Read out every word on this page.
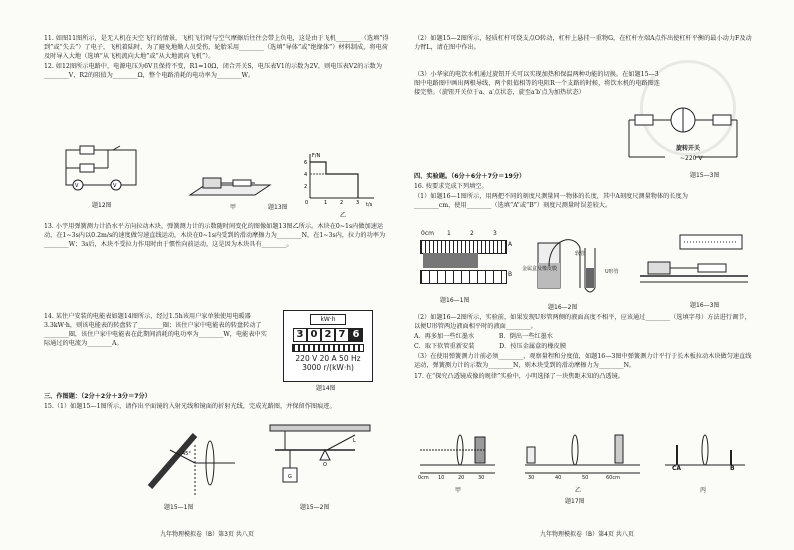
11. 如图11图所示，是无人机在天空飞行的情景，飞机飞行时与空气摩擦后往往会带上负电，这是由于飞机________（选填“得到”或“失去”）了电子，飞机着陆时，为了避免地勤人员受伤，轮胎采用________（选填“导体”或“绝缘体”）材料制成，将电荷及时导入大地（选填“从飞机流向大地”或“从大地流向飞机”）。

12. 如12图所示电路中，电源电压为6V且保持不变，R1=10Ω，闭合开关S，电压表V1的示数为2V，则电压表V2的示数为________V，R2的阻值为________Ω，整个电路消耗的电功率为________W。

V	V
题12图	甲	题13图
F/N
t/s
6
4
2
0	1	2	3
乙

13. 小宇用弹簧测力计沿水平方向拉动木块，弹簧测力计的示数随时间变化的图像如题13图乙所示。木块在0~1s内做加速运动，在1~3s内以0.2m/s的速度做匀速直线运动，木块在0~1s内受到的滑动摩擦力为________N，在1~3s内，拉力的功率为________W；3s后，木块不受拉力作用时由于惯性向前运动，这是因为木块具有________。

14. 某住户安装的电能表如题14图所示，经过1.5h该用户家单独使用电暖器3.3kW·h，则该电能表的转盘转了________圈；该住户家中电能表的转盘转动了________圈，该住户家中电能表在此期间消耗的电功率为________W，电能表中实际通过的电流为________A。

kW·h
3 0 2 7 6
220 V 20 A 50 Hz
3000 r/(kW·h)
题14图

三、作图题：（2分＋2分＋3分＝7分）

15.（1）如题15—1图所示，请作出平面镜的入射光线和镜面的折射光线，完成光路图，并保留作图痕迹。

45°
题15—1图
G
L
O
题15—2图
九年物理模拟卷（B）第3页 共八页

（2）如题15—2图所示，轻质杠杆可绕支点O转动，杠杆上悬挂一重物G，在杠杆左端A点作出使杠杆平衡的最小动力F及动力臂L，请在图中作出。

（3）小华家的电饮水机通过旋钮开关可以实现加热和保温两种功能的切换。在如题15—3图中电路图中画出两根导线，两个阻值相等的电阻R一个支路的时候，将饮水机的电路图连接完整。（旋钮开关位于a、a′点状态，旋至a′b′点为加热状态）

旋转开关
~220 V
题15—3图

四、实验题。（6分＋6分＋7分＝19分）

16. 按要求完成下列填空。

（1）如题16—1图所示，用两把不同的刻度尺测量同一物体的长度，其中A刻度尺测量物体的长度为________cm，使用________（选填“A”或“B”）刻度尺测量时误差较大。

A
B
0cm 1	2	3
题16—1图
金属盒及橡皮膜
软管
U形管
题16—2图	题16—3图

（2）如题16—2图所示，实验前，如果发现U形管两侧的液面高度不相平，应该通过________（选填字母）方法进行调节，以便U形管两边液面相平时的液面________。

A．再多加一些红墨水　　　　B．倒出一些红墨水

C．取下软管重新安装　　　　D．按压金属盒的橡皮膜

（3）在使用弹簧测力计前必须________，观察量程和分度值，如题16—3图中弹簧测力计平行于长木板拉动木块做匀速直线运动，弹簧测力计的示数为________N，则木块受到的滑动摩擦力为________N。

17. 在“探究凸透镜成像的规律”实验中，小明选择了一块焦距未知的凸透镜。

0cm 10	20	30	30	40	50	60cm
CA	B
甲	乙	丙
题17图
九年物理模拟卷（B）第4页 共八页
